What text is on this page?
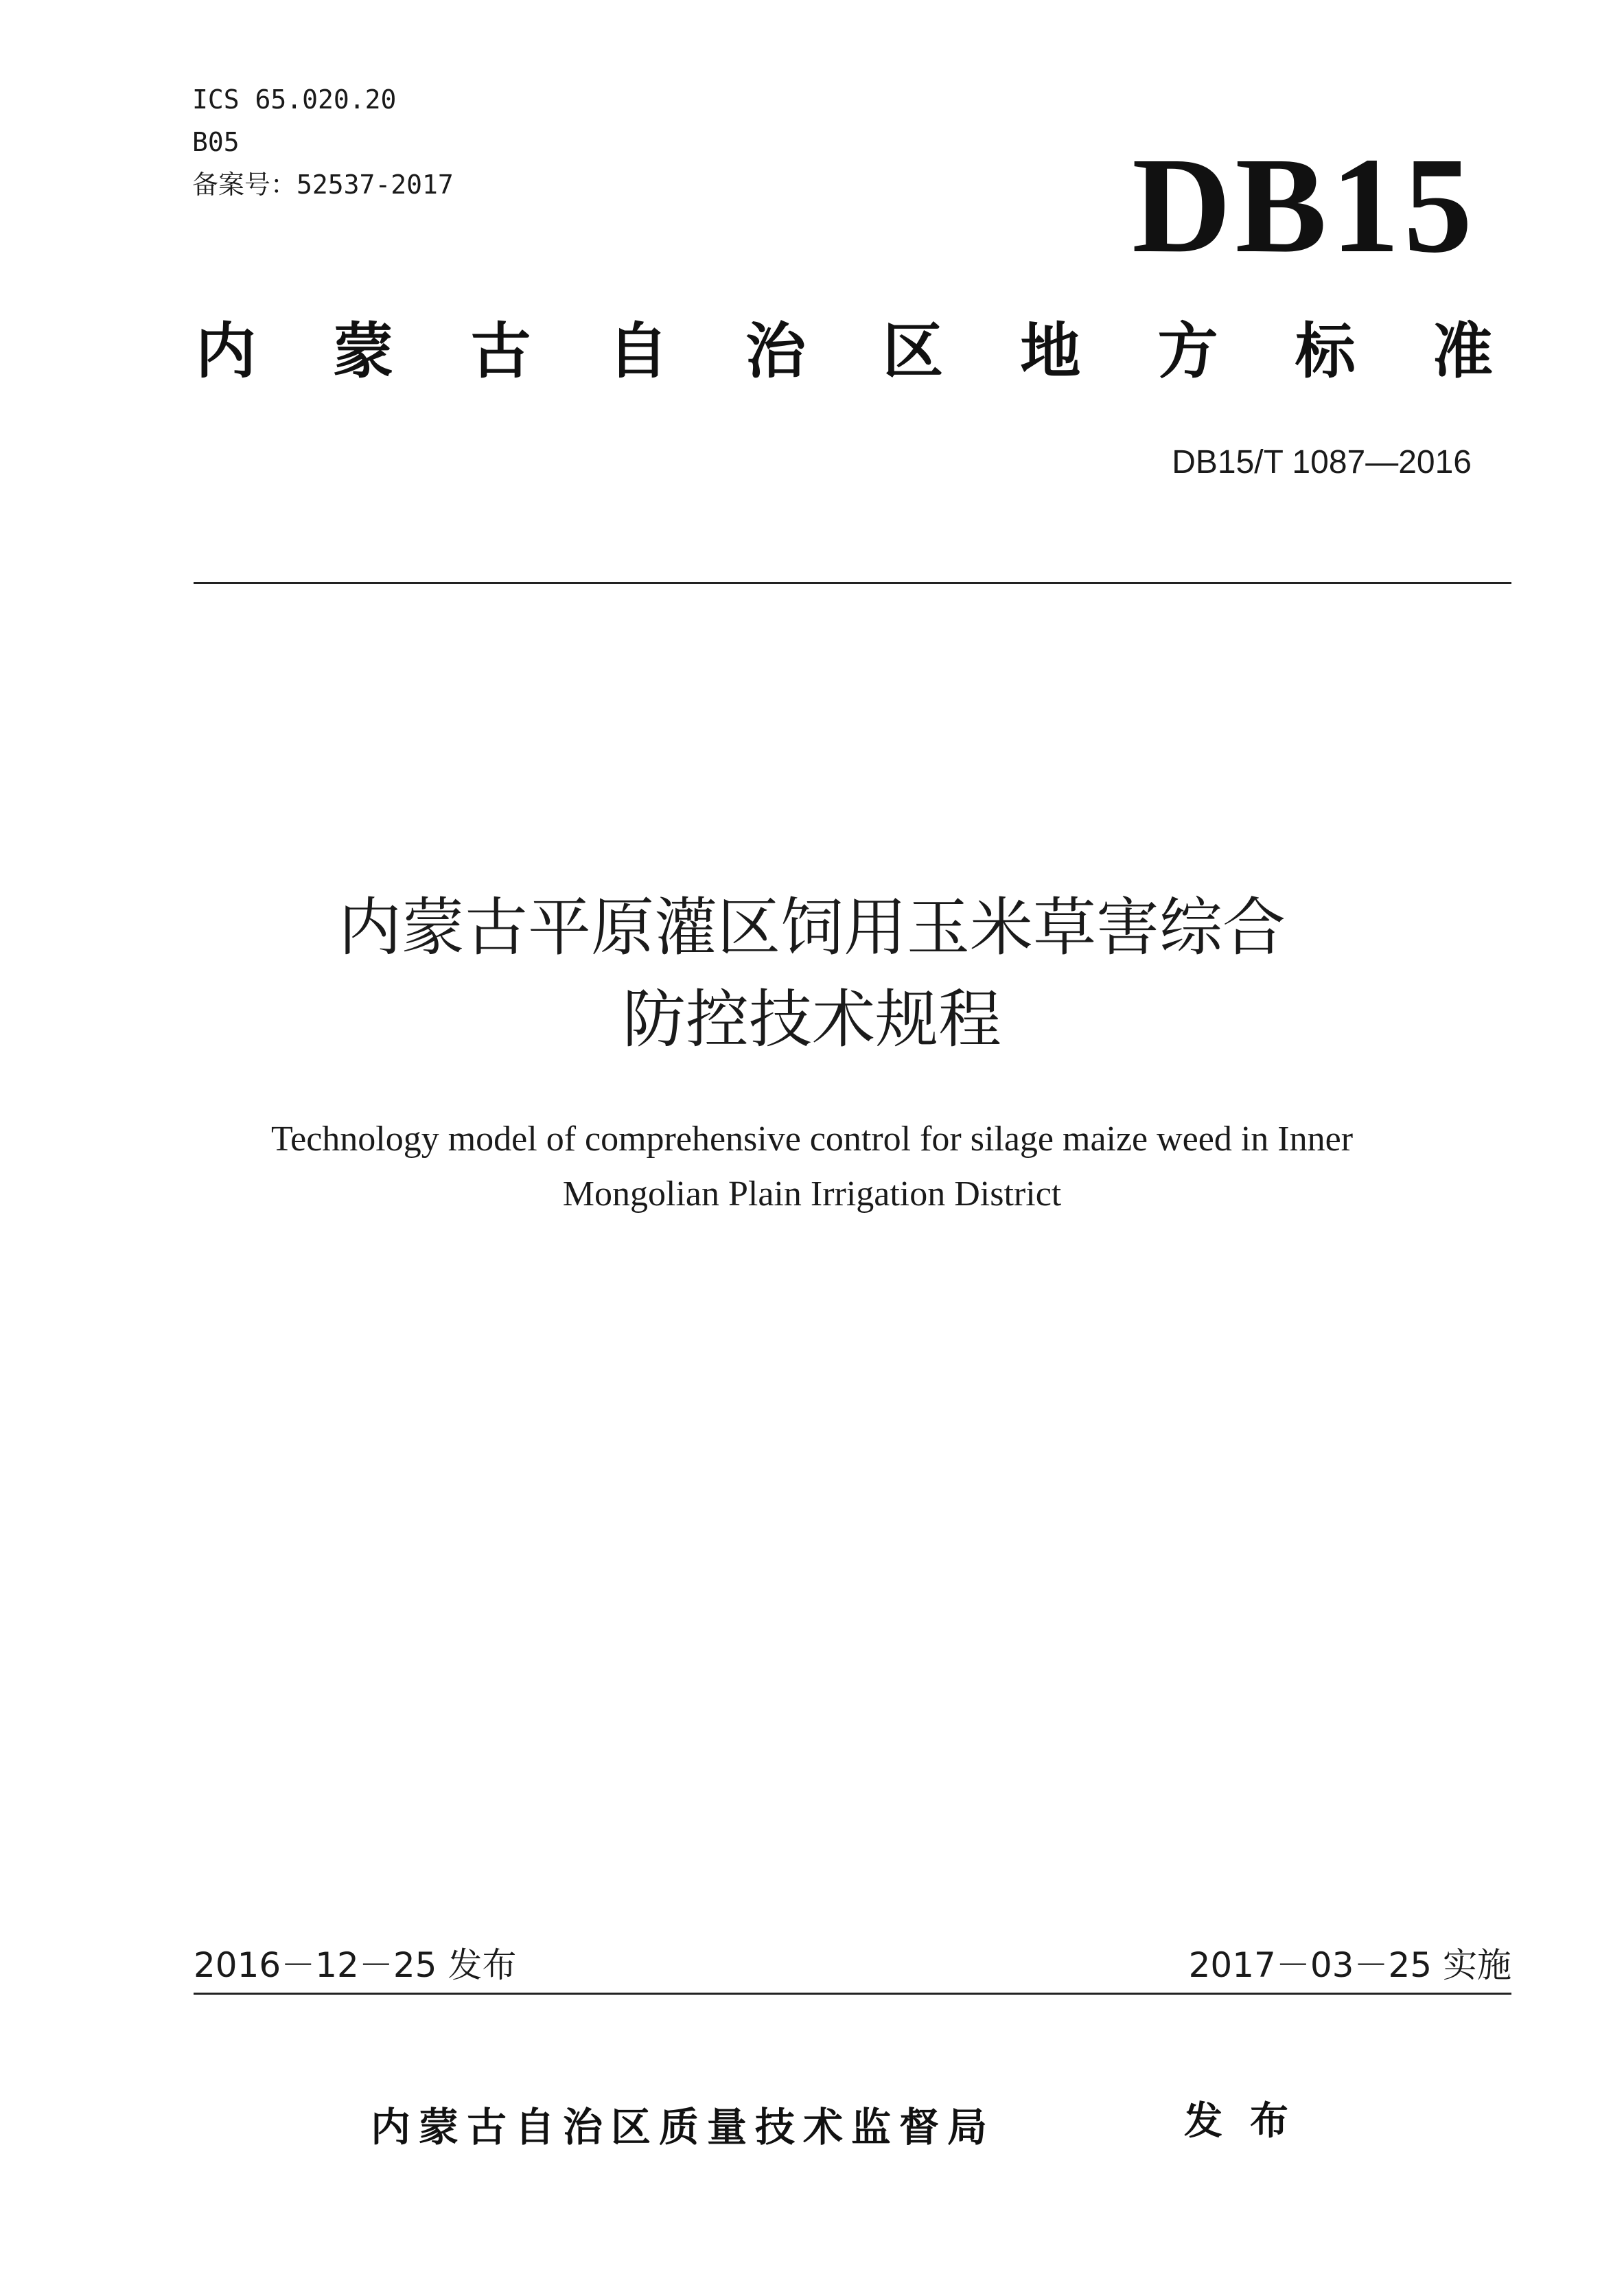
ICS 65.020.20
B05
备案号：52537-2017	DB15
内 蒙 古 自 治 区 地 方 标 准
DB15/T 1087—2016
内蒙古平原灌区饲用玉米草害综合
防控技术规程
Technology model of comprehensive control for silage maize weed in Inner
Mongolian Plain Irrigation District
2016－12－25 发布	2017－03－25 实施
内蒙古自治区质量技术监督局	发布
